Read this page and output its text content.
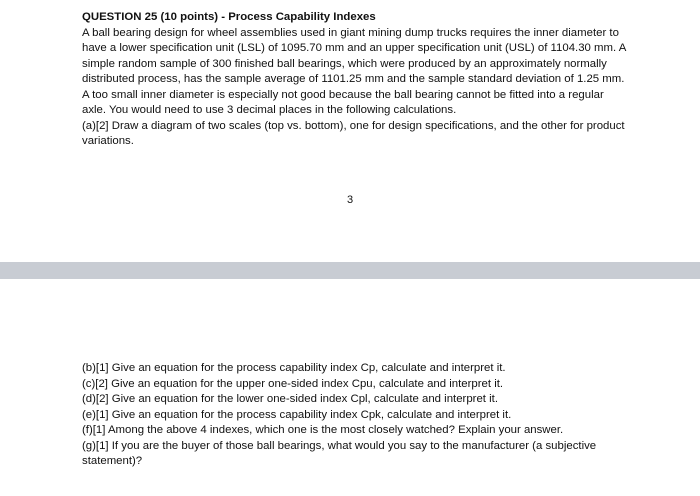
QUESTION 25 (10 points) - Process Capability Indexes

A ball bearing design for wheel assemblies used in giant mining dump trucks requires the inner diameter to have a lower specification unit (LSL) of 1095.70 mm and an upper specification unit (USL) of 1104.30 mm. A simple random sample of 300 finished ball bearings, which were produced by an approximately normally distributed process, has the sample average of 1101.25 mm and the sample standard deviation of 1.25 mm. A too small inner diameter is especially not good because the ball bearing cannot be fitted into a regular axle. You would need to use 3 decimal places in the following calculations.

(a)[2] Draw a diagram of two scales (top vs. bottom), one for design specifications, and the other for product variations.

3
(b)[1] Give an equation for the process capability index Cp, calculate and interpret it.
(c)[2] Give an equation for the upper one-sided index Cpu, calculate and interpret it.
(d)[2] Give an equation for the lower one-sided index Cpl, calculate and interpret it.
(e)[1] Give an equation for the process capability index Cpk, calculate and interpret it.
(f)[1] Among the above 4 indexes, which one is the most closely watched? Explain your answer.
(g)[1] If you are the buyer of those ball bearings, what would you say to the manufacturer (a subjective statement)?
